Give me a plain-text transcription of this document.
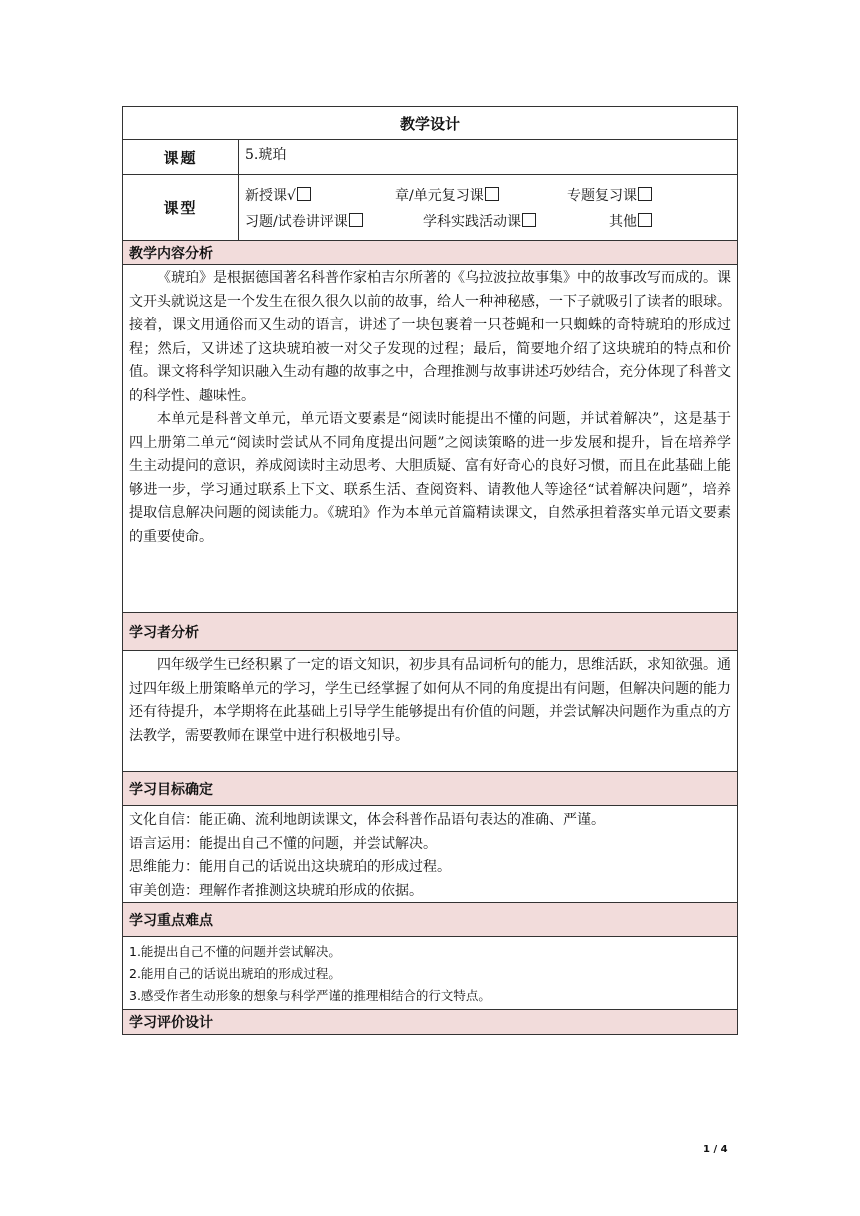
教学设计
课题	5.琥珀
课型
新授课√	章/单元复习课	专题复习课
习题/试卷讲评课	学科实践活动课	其他
教学内容分析

《琥珀》是根据德国著名科普作家柏吉尔所著的《乌拉波拉故事集》中的故事改写而成的。课文开头就说这是一个发生在很久很久以前的故事，给人一种神秘感，一下子就吸引了读者的眼球。接着，课文用通俗而又生动的语言，讲述了一块包裹着一只苍蝇和一只蜘蛛的奇特琥珀的形成过程；然后，又讲述了这块琥珀被一对父子发现的过程；最后，简要地介绍了这块琥珀的特点和价值。课文将科学知识融入生动有趣的故事之中，合理推测与故事讲述巧妙结合，充分体现了科普文的科学性、趣味性。

本单元是科普文单元，单元语文要素是“阅读时能提出不懂的问题，并试着解决”，这是基于四上册第二单元“阅读时尝试从不同角度提出问题”之阅读策略的进一步发展和提升，旨在培养学生主动提问的意识，养成阅读时主动思考、大胆质疑、富有好奇心的良好习惯，而且在此基础上能够进一步，学习通过联系上下文、联系生活、查阅资料、请教他人等途径“试着解决问题”，培养提取信息解决问题的阅读能力。《琥珀》作为本单元首篇精读课文，自然承担着落实单元语文要素的重要使命。

学习者分析

四年级学生已经积累了一定的语文知识，初步具有品词析句的能力，思维活跃，求知欲强。通过四年级上册策略单元的学习，学生已经掌握了如何从不同的角度提出有问题，但解决问题的能力还有待提升，本学期将在此基础上引导学生能够提出有价值的问题，并尝试解决问题作为重点的方法教学，需要教师在课堂中进行积极地引导。

学习目标确定
文化自信：能正确、流利地朗读课文，体会科普作品语句表达的准确、严谨。
语言运用：能提出自己不懂的问题，并尝试解决。
思维能力：能用自己的话说出这块琥珀的形成过程。
审美创造：理解作者推测这块琥珀形成的依据。
学习重点难点
1.能提出自己不懂的问题并尝试解决。
2.能用自己的话说出琥珀的形成过程。
3.感受作者生动形象的想象与科学严谨的推理相结合的行文特点。
学习评价设计
1 / 4
